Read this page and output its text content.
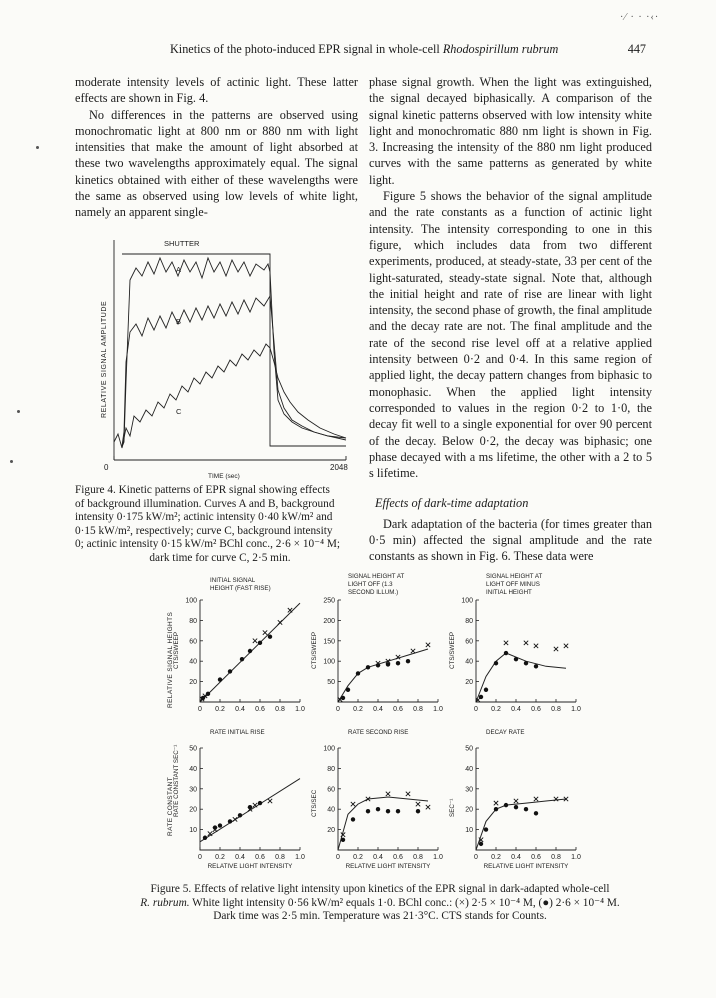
Kinetics of the photo-induced EPR signal in whole-cell Rhodospirillum rubrum	447
·⁄ · · ·‹·

moderate intensity levels of actinic light. These latter effects are shown in Fig. 4.

No differences in the patterns are observed using monochromatic light at 800 nm or 880 nm with light intensities that make the amount of light absorbed at these two wavelengths approximately equal. The signal kinetics obtained with either of these wavelengths were the same as observed using low levels of white light, namely an apparent single-

phase signal growth. When the light was extinguished, the signal decayed biphasically. A comparison of the signal kinetic patterns observed with low intensity white light and monochromatic 880 nm light is shown in Fig. 3. Increasing the intensity of the 880 nm light produced curves with the same patterns as generated by white light.

Figure 5 shows the behavior of the signal amplitude and the rate constants as a function of actinic light intensity. The intensity corresponding to one in this figure, which includes data from two different experiments, produced, at steady-state, 33 per cent of the light-saturated, steady-state signal. Note that, although the initial height and rate of rise are linear with light intensity, the second phase of growth, the final amplitude and the decay rate are not. The final amplitude and the rate of the second rise level off at a relative applied intensity between 0·2 and 0·4. In this same region of applied light, the decay pattern changes from biphasic to monophasic. When the applied light intensity corresponded to values in the region 0·2 to 1·0, the decay fit well to a single exponential for over 90 percent of the decay. Below 0·2, the decay was biphasic; one phase decayed with a ms lifetime, the other with a 2 to 5 s lifetime.

Effects of dark-time adaptation

Dark adaptation of the bacteria (for times greater than 0·5 min) affected the signal amplitude and the rate constants as shown in Fig. 6. These data were

SHUTTER
A
B
C
RELATIVE SIGNAL AMPLITUDE
0	2048
TIME (sec)
Figure 4. Kinetic patterns of EPR signal showing effects
of background illumination. Curves A and B, background
intensity 0·175 kW/m²; actinic intensity 0·40 kW/m² and
0·15 kW/m², respectively; curve C, background intensity
0; actinic intensity 0·15 kW/m² BChl conc., 2·6 × 10⁻⁴ M;
dark time for curve C, 2·5 min.
RELATIVE SIGNAL HEIGHTS
RATE CONSTANT
INITIAL SIGNAL
HEIGHT (FAST RISE)
20
40
60
80
100
0 0.2 0.4 0.6 0.8 1.0
CTS/SWEEP
SIGNAL HEIGHT AT
LIGHT OFF (1.3
SECOND ILLUM.)
50
100
150
200
250
0 0.2 0.4 0.6 0.8 1.0
CTS/SWEEP
SIGNAL HEIGHT AT
LIGHT OFF MINUS
INITIAL HEIGHT
20
40
60
80
100
0 0.2 0.4 0.6 0.8 1.0
CTS/SWEEP
RATE INITIAL RISE
10
20
30
40
50
0 0.2 0.4 0.6 0.8 1.0
RATE CONSTANT SEC⁻¹
RELATIVE LIGHT INTENSITY
RATE SECOND RISE
20
40
60
80
100
0 0.2 0.4 0.6 0.8 1.0
CTS/SEC
RELATIVE LIGHT INTENSITY
DECAY RATE
10
20
30
40
50
0 0.2 0.4 0.6 0.8 1.0
SEC⁻¹
RELATIVE LIGHT INTENSITY
Figure 5. Effects of relative light intensity upon kinetics of the EPR signal in dark-adapted whole-cell
R. rubrum. White light intensity 0·56 kW/m² equals 1·0. BChl conc.: (×) 2·5 × 10⁻⁴ M, (●) 2·6 × 10⁻⁴ M.
Dark time was 2·5 min. Temperature was 21·3°C. CTS stands for Counts.
